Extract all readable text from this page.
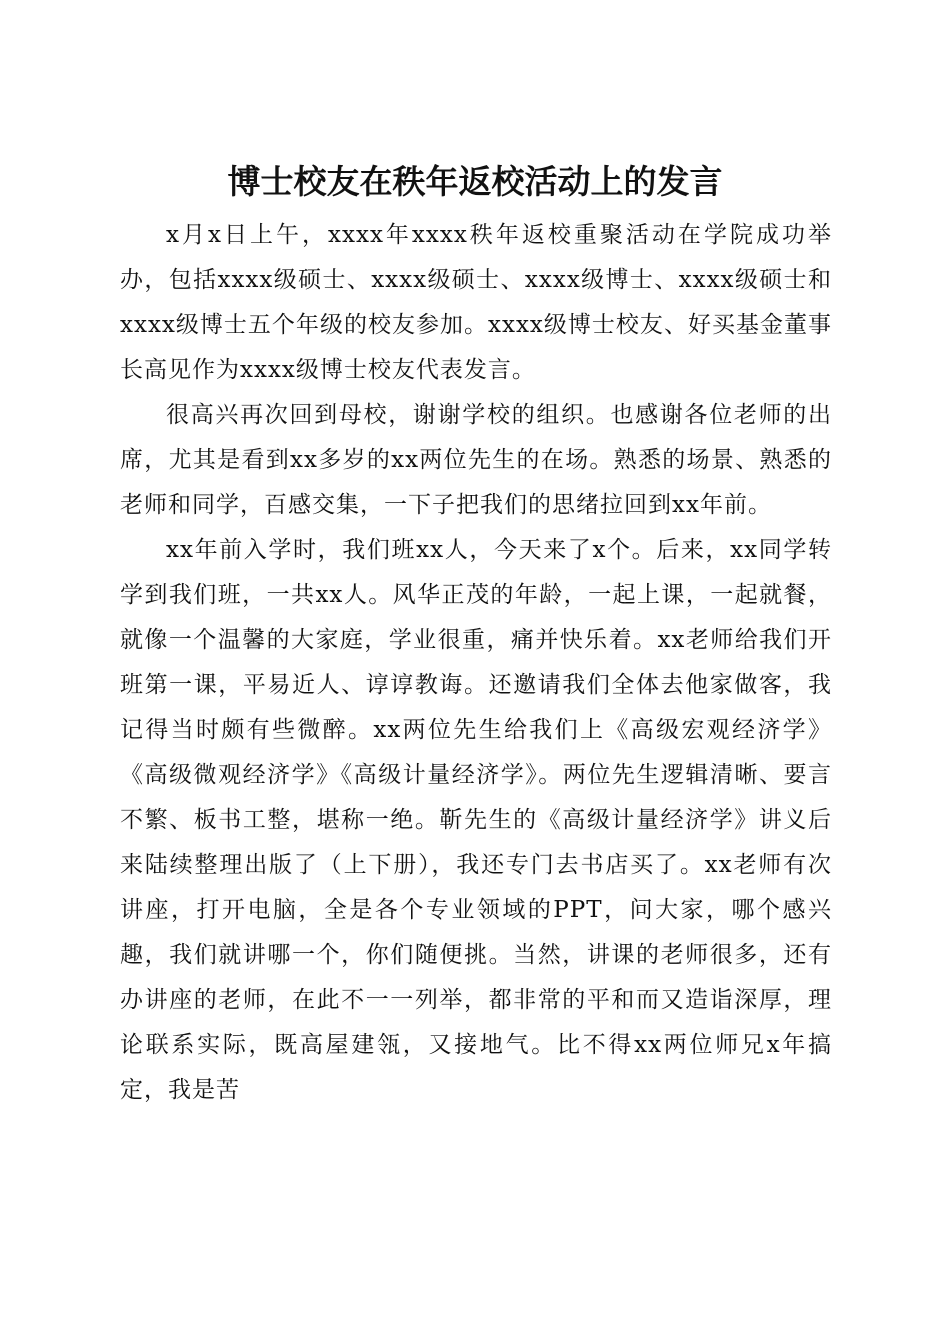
博士校友在秩年返校活动上的发言

x月x日上午，xxxx年xxxx秩年返校重聚活动在学院成功举办，包括xxxx级硕士、xxxx级硕士、xxxx级博士、xxxx级硕士和xxxx级博士五个年级的校友参加。xxxx级博士校友、好买基金董事长高见作为xxxx级博士校友代表发言。

很高兴再次回到母校，谢谢学校的组织。也感谢各位老师的出席，尤其是看到xx多岁的xx两位先生的在场。熟悉的场景、熟悉的老师和同学，百感交集，一下子把我们的思绪拉回到xx年前。

xx年前入学时，我们班xx人，今天来了x个。后来，xx同学转学到我们班，一共xx人。风华正茂的年龄，一起上课，一起就餐，就像一个温馨的大家庭，学业很重，痛并快乐着。xx老师给我们开班第一课，平易近人、谆谆教诲。还邀请我们全体去他家做客，我记得当时颇有些微醉。xx两位先生给我们上《高级宏观经济学》《高级微观经济学》《高级计量经济学》。两位先生逻辑清晰、要言不繁、板书工整，堪称一绝。靳先生的《高级计量经济学》讲义后来陆续整理出版了（上下册），我还专门去书店买了。xx老师有次讲座，打开电脑，全是各个专业领域的PPT，问大家，哪个感兴趣，我们就讲哪一个，你们随便挑。当然，讲课的老师很多，还有办讲座的老师，在此不一一列举，都非常的平和而又造诣深厚，理论联系实际，既高屋建瓴，又接地气。比不得xx两位师兄x年搞定，我是苦
